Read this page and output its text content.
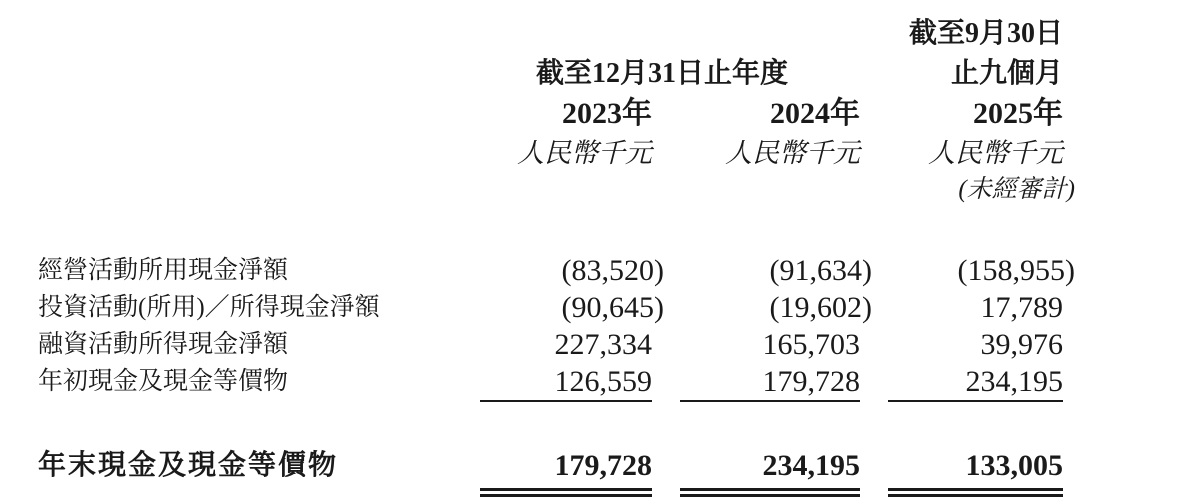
截至9月30日
截至12月31日止年度	止九個月
2023年	2024年	2025年
人民幣千元	人民幣千元	人民幣千元
(未經審計)
經營活動所用現金淨額	(83,520)	(91,634)	(158,955)
投資活動(所用)／所得現金淨額	(90,645)	(19,602)	17,789
融資活動所得現金淨額	227,334	165,703	39,976
年初現金及現金等價物	126,559	179,728	234,195
年末現金及現金等價物	179,728	234,195	133,005
